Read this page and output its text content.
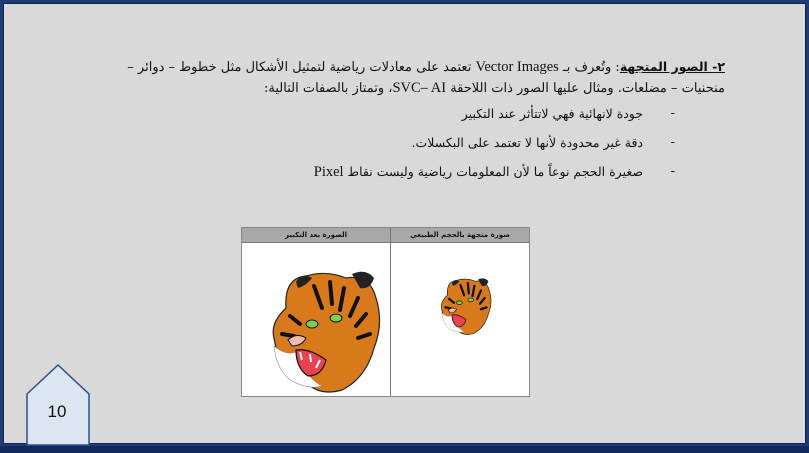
٢- الصور المتجهة: وتُعرف بـ Vector Images تعتمد على معادلات رياضية لتمثيل الأشكال مثل خطوط – دوائر – منحنيات – مضلعات. ومثال عليها الصور ذات اللاحقة SVC– AI، وتمتاز بالصفات التالية:
-
جودة لانهائية فهي لاتتأثر عند التكبير
-
دقة غير محدودة لأنها لا تعتمد على البكسلات.
-
صغيرة الحجم نوعاً ما لأن المعلومات رياضية وليست نقاط Pixel
الصورة بعد التكبير	صورة متجهة بالحجم الطبيعي
10
